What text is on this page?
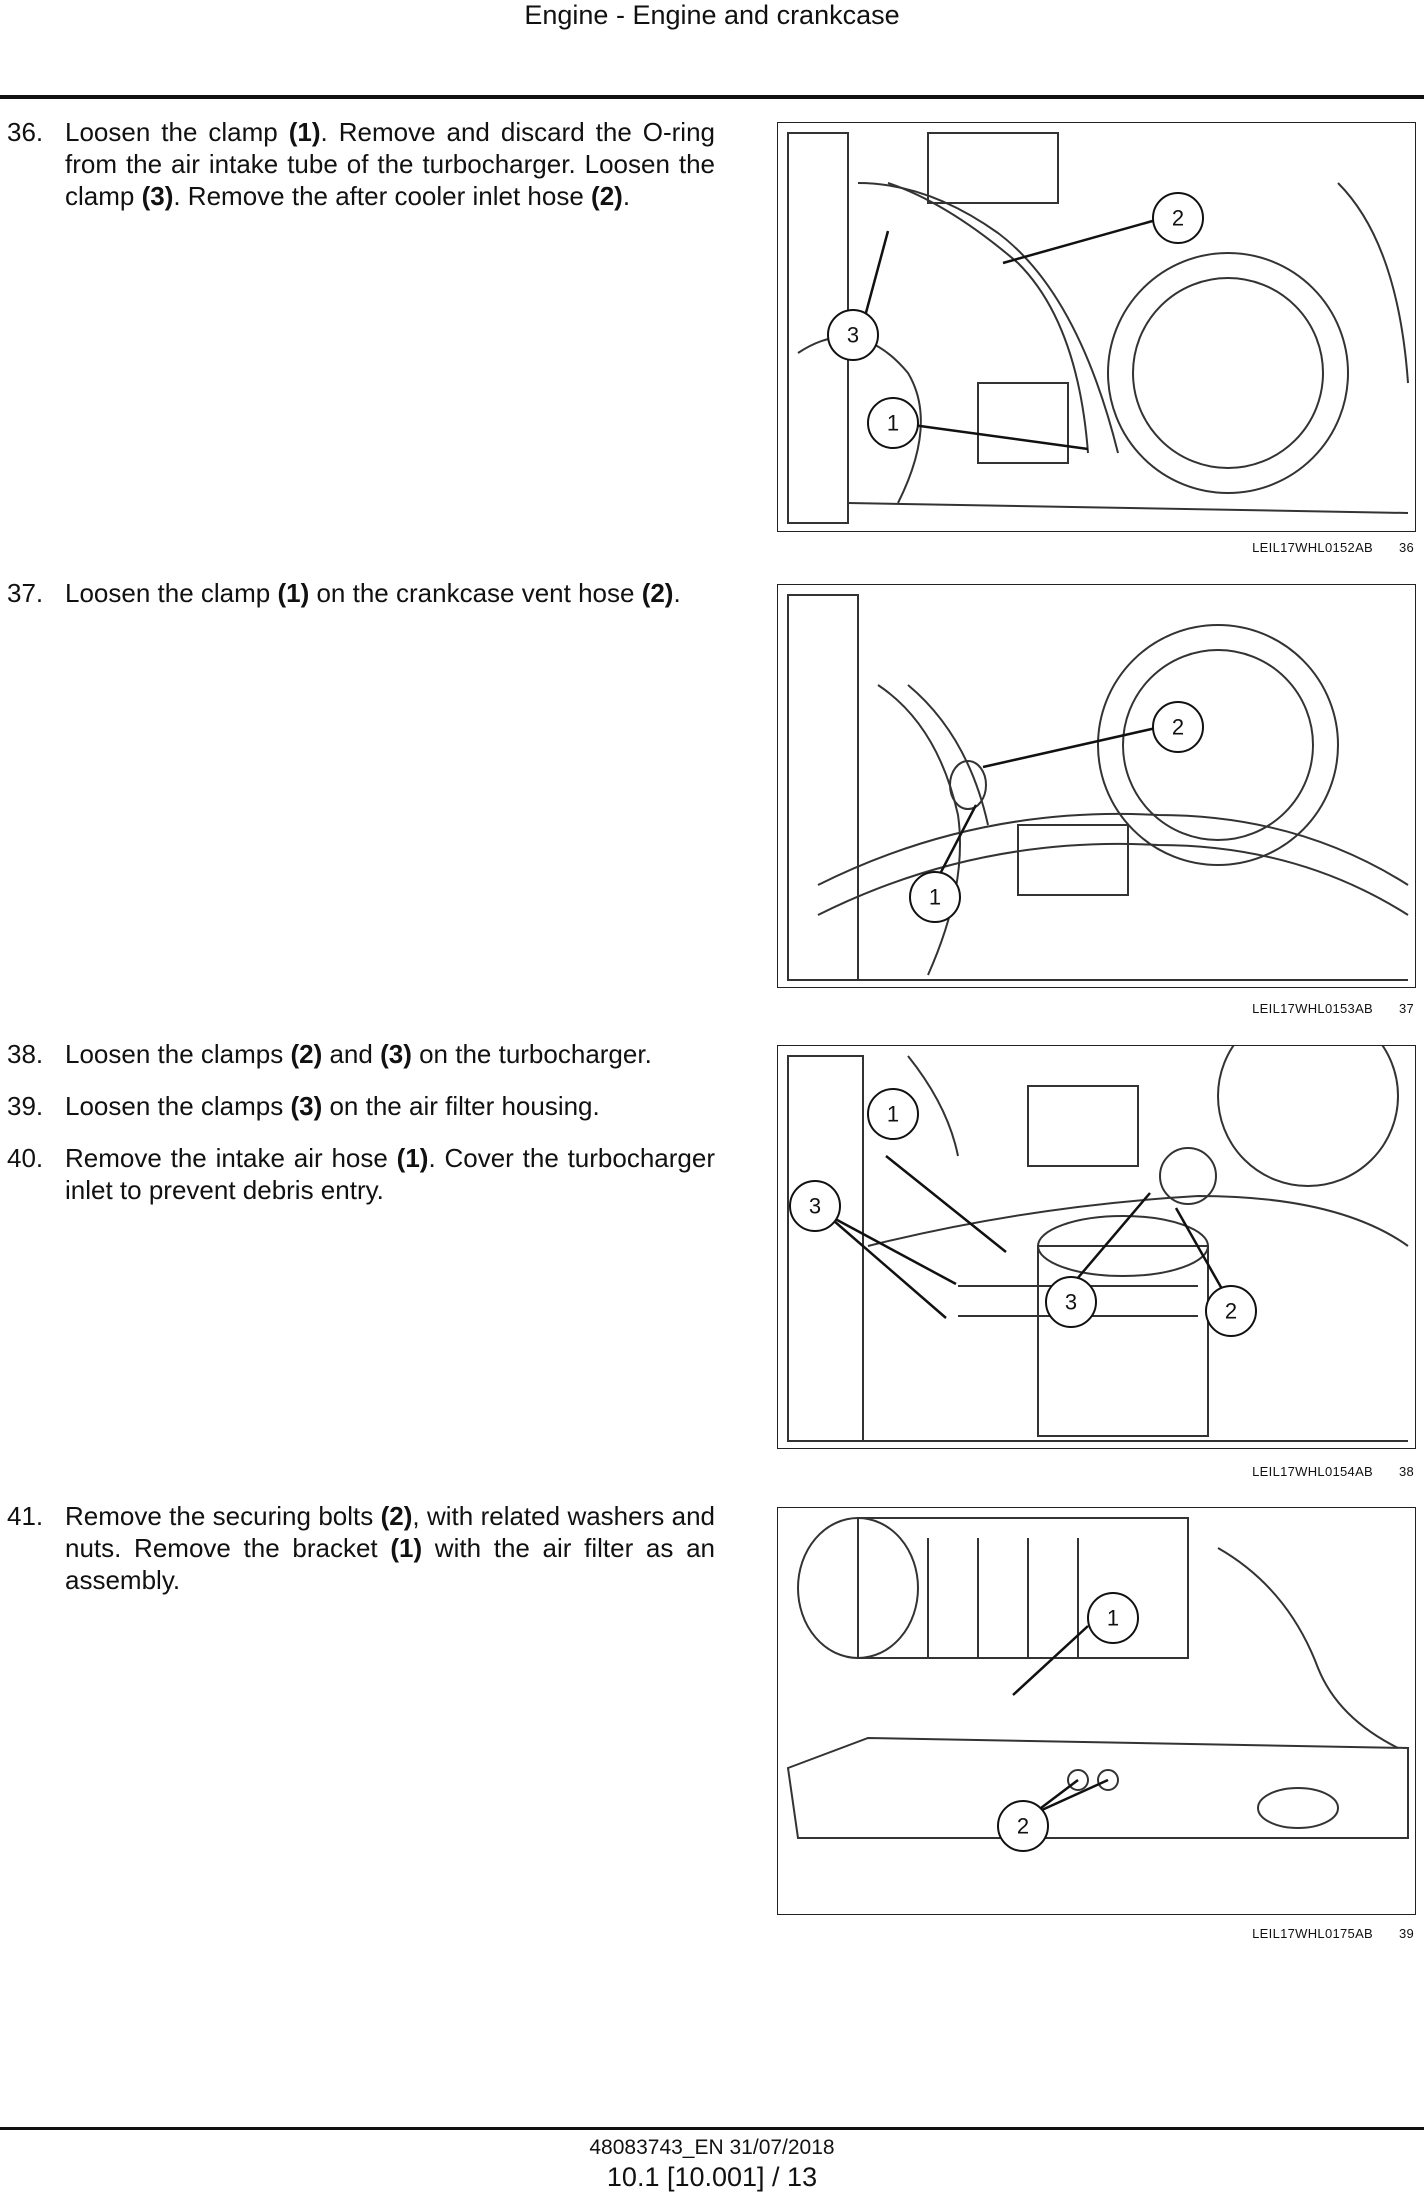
Engine - Engine and crankcase
36. Loosen the clamp (1). Remove and discard the O-ring from the air intake tube of the turbocharger. Loosen the clamp (3). Remove the after cooler inlet hose (2).
37. Loosen the clamp (1) on the crankcase vent hose (2).
38. Loosen the clamps (2) and (3) on the turbocharger.
39. Loosen the clamps (3) on the air filter housing.
40. Remove the intake air hose (1). Cover the turbocharger inlet to prevent debris entry.
41. Remove the securing bolts (2), with related washers and nuts. Remove the bracket (1) with the air filter as an assembly.
2
3
1
LEIL17WHL0152AB 36
2
1
LEIL17WHL0153AB 37
1
3
3	2
LEIL17WHL0154AB 38
1
2
LEIL17WHL0175AB 39
48083743_EN 31/07/2018
10.1 [10.001] / 13
